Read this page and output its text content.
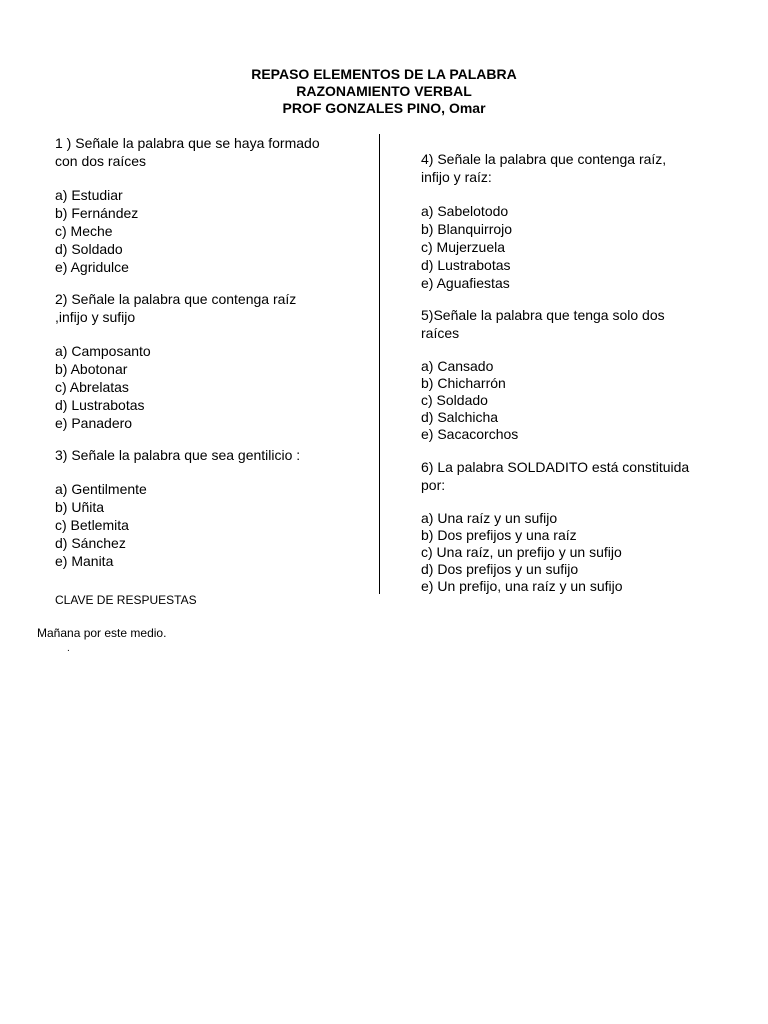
REPASO ELEMENTOS DE LA PALABRA
RAZONAMIENTO VERBAL
PROF GONZALES PINO, Omar

1 ) Señale la palabra que se haya formado

con dos raíces

a) Estudiar
b) Fernández
c) Meche
d) Soldado
e) Agridulce

2) Señale la palabra que contenga raíz

,infijo y sufijo

a) Camposanto
b) Abotonar
c) Abrelatas
d) Lustrabotas
e) Panadero

3) Señale la palabra que sea gentilicio :

a) Gentilmente
b) Uñita
c) Betlemita
d) Sánchez
e) Manita

4) Señale la palabra que contenga raíz,

infijo y raíz:

a) Sabelotodo
b) Blanquirrojo
c) Mujerzuela
d) Lustrabotas
e) Aguafiestas

5)Señale la palabra que tenga solo dos

raíces

a) Cansado
b) Chicharrón
c) Soldado
d) Salchicha
e) Sacacorchos

6) La palabra SOLDADITO está constituida

por:

a) Una raíz y un sufijo
b) Dos prefijos y una raíz
c) Una raíz, un prefijo y un sufijo
d) Dos prefijos y un sufijo
e) Un prefijo, una raíz y un sufijo
CLAVE DE RESPUESTAS
Mañana por este medio.
.
